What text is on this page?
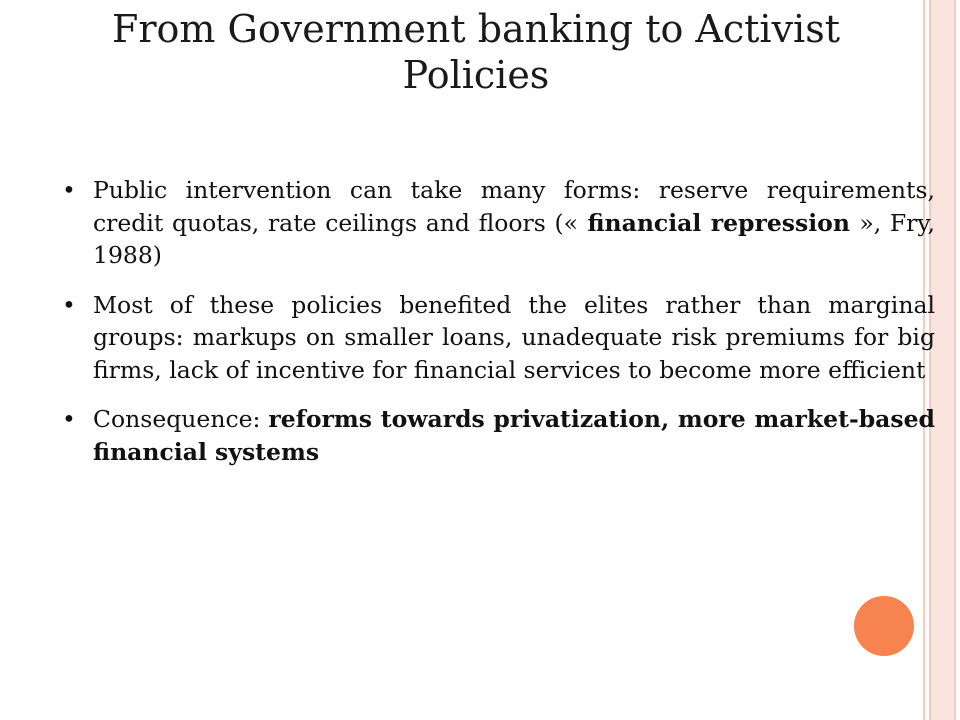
From Government banking to Activist Policies
• Public intervention can take many forms: reserve requirements, credit quotas, rate ceilings and floors (« financial repression », Fry, 1988)
• Most of these policies benefited the elites rather than marginal groups: markups on smaller loans, unadequate risk premiums for big firms, lack of incentive for financial services to become more efficient
• Consequence: reforms towards privatization, more market-based financial systems
